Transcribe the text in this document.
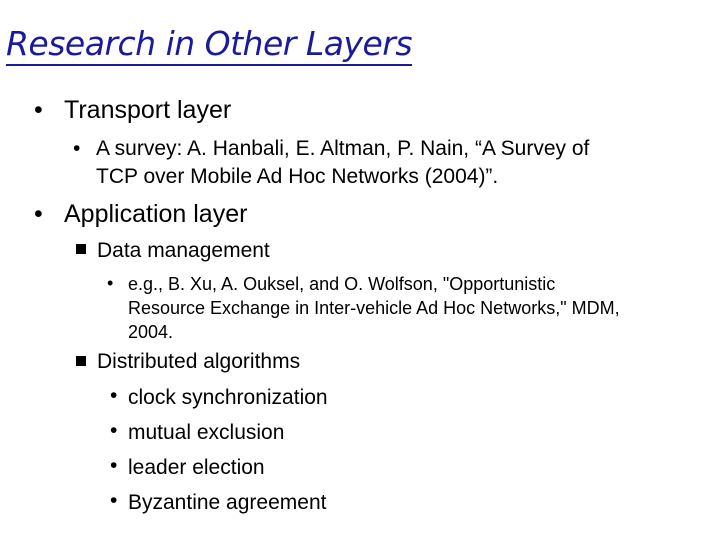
Research in Other Layers
• Transport layer
• A survey: A. Hanbali, E. Altman, P. Nain, “A Survey of
TCP over Mobile Ad Hoc Networks (2004)”.
• Application layer
Data management
• e.g., B. Xu, A. Ouksel, and O. Wolfson, "Opportunistic
Resource Exchange in Inter-vehicle Ad Hoc Networks," MDM,
2004.
Distributed algorithms
• clock synchronization
• mutual exclusion
• leader election
• Byzantine agreement
